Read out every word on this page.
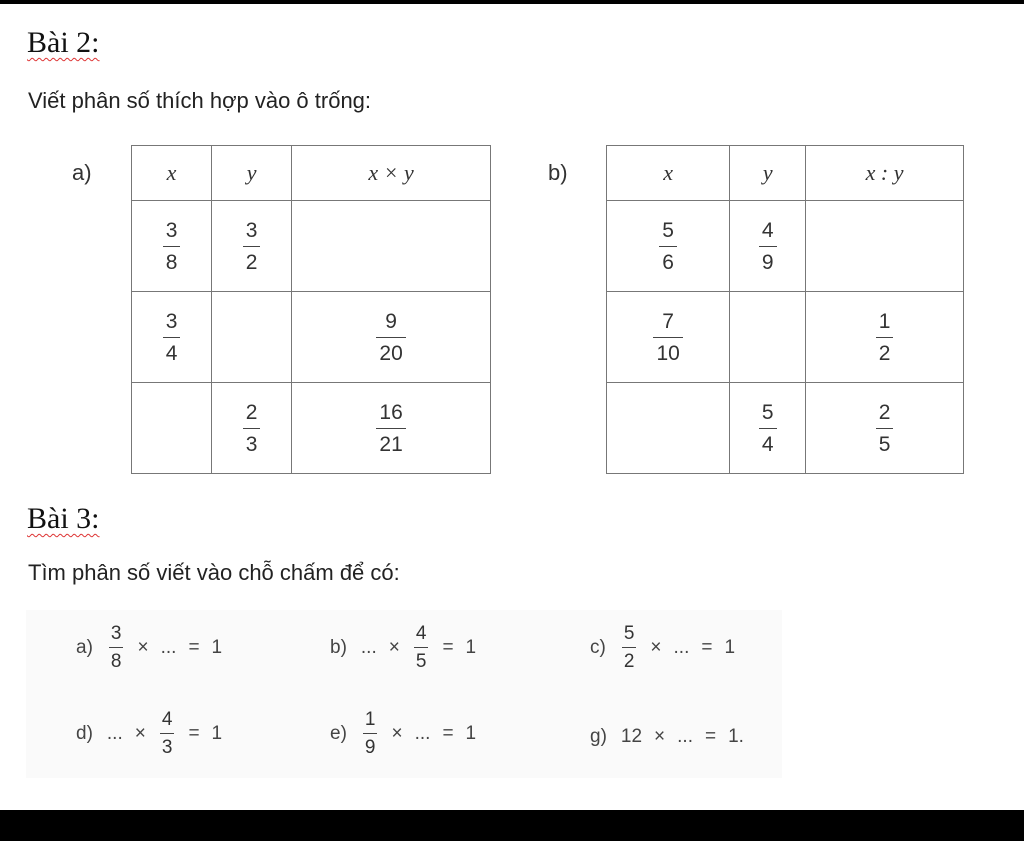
Bài 2:
Viết phân số thích hợp vào ô trống:
a)	x	y	x × y

$\frac{3}{8}$	$\frac{3}{2}$

$\frac{3}{4}$		$\frac{9}{20}$

	$\frac{2}{3}$	$\frac{16}{21}$
b)	x	y	x : y

$\frac{5}{6}$	$\frac{4}{9}$

$\frac{7}{10}$		$\frac{1}{2}$

	$\frac{5}{4}$	$\frac{2}{5}$
Bài 3:
Tìm phân số viết vào chỗ chấm để có:
$a) \frac{3}{8}$ × ... = 1	b) ... × $\frac{4}{5} = 1$	$c) \frac{5}{2}$ × ... = 1
d) ... × $\frac{4}{3} = 1$	$e) \frac{1}{9}$ × ... = 1	g) 12 × ... = 1.
